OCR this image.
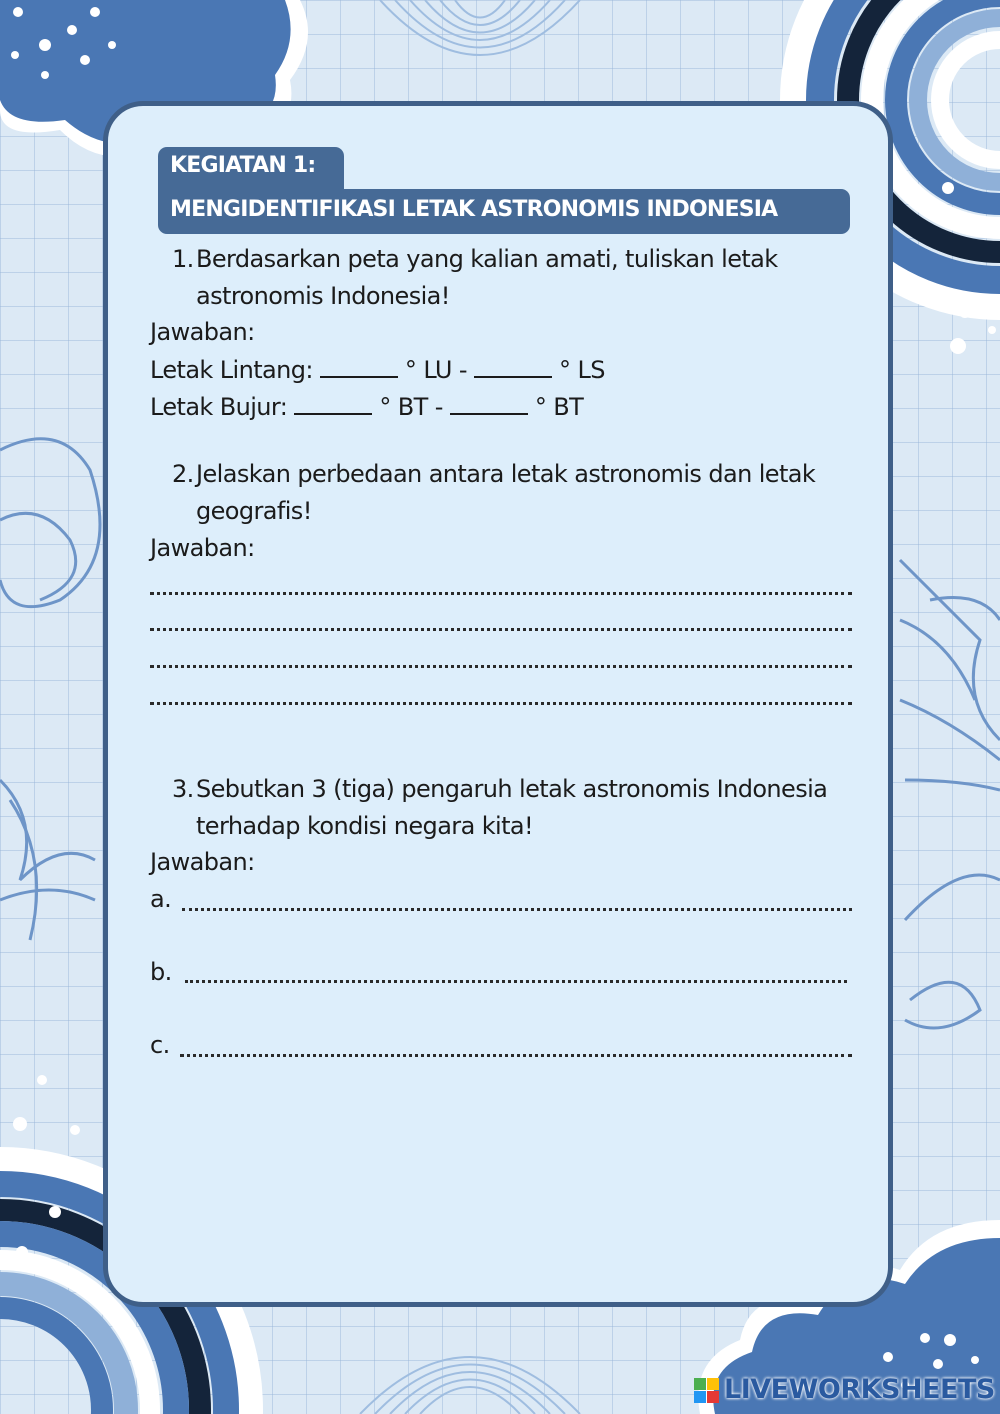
KEGIATAN 1:
MENGIDENTIFIKASI LETAK ASTRONOMIS INDONESIA
1. Berdasarkan peta yang kalian amati, tuliskan letak
astronomis Indonesia!
Jawaban:
Letak Lintang:	° LU -	° LS
Letak Bujur:	° BT -	° BT
2. Jelaskan perbedaan antara letak astronomis dan letak
geografis!
Jawaban:
3. Sebutkan 3 (tiga) pengaruh letak astronomis Indonesia
terhadap kondisi negara kita!
Jawaban:
a.
b.
c.
LIVEWORKSHEETS
